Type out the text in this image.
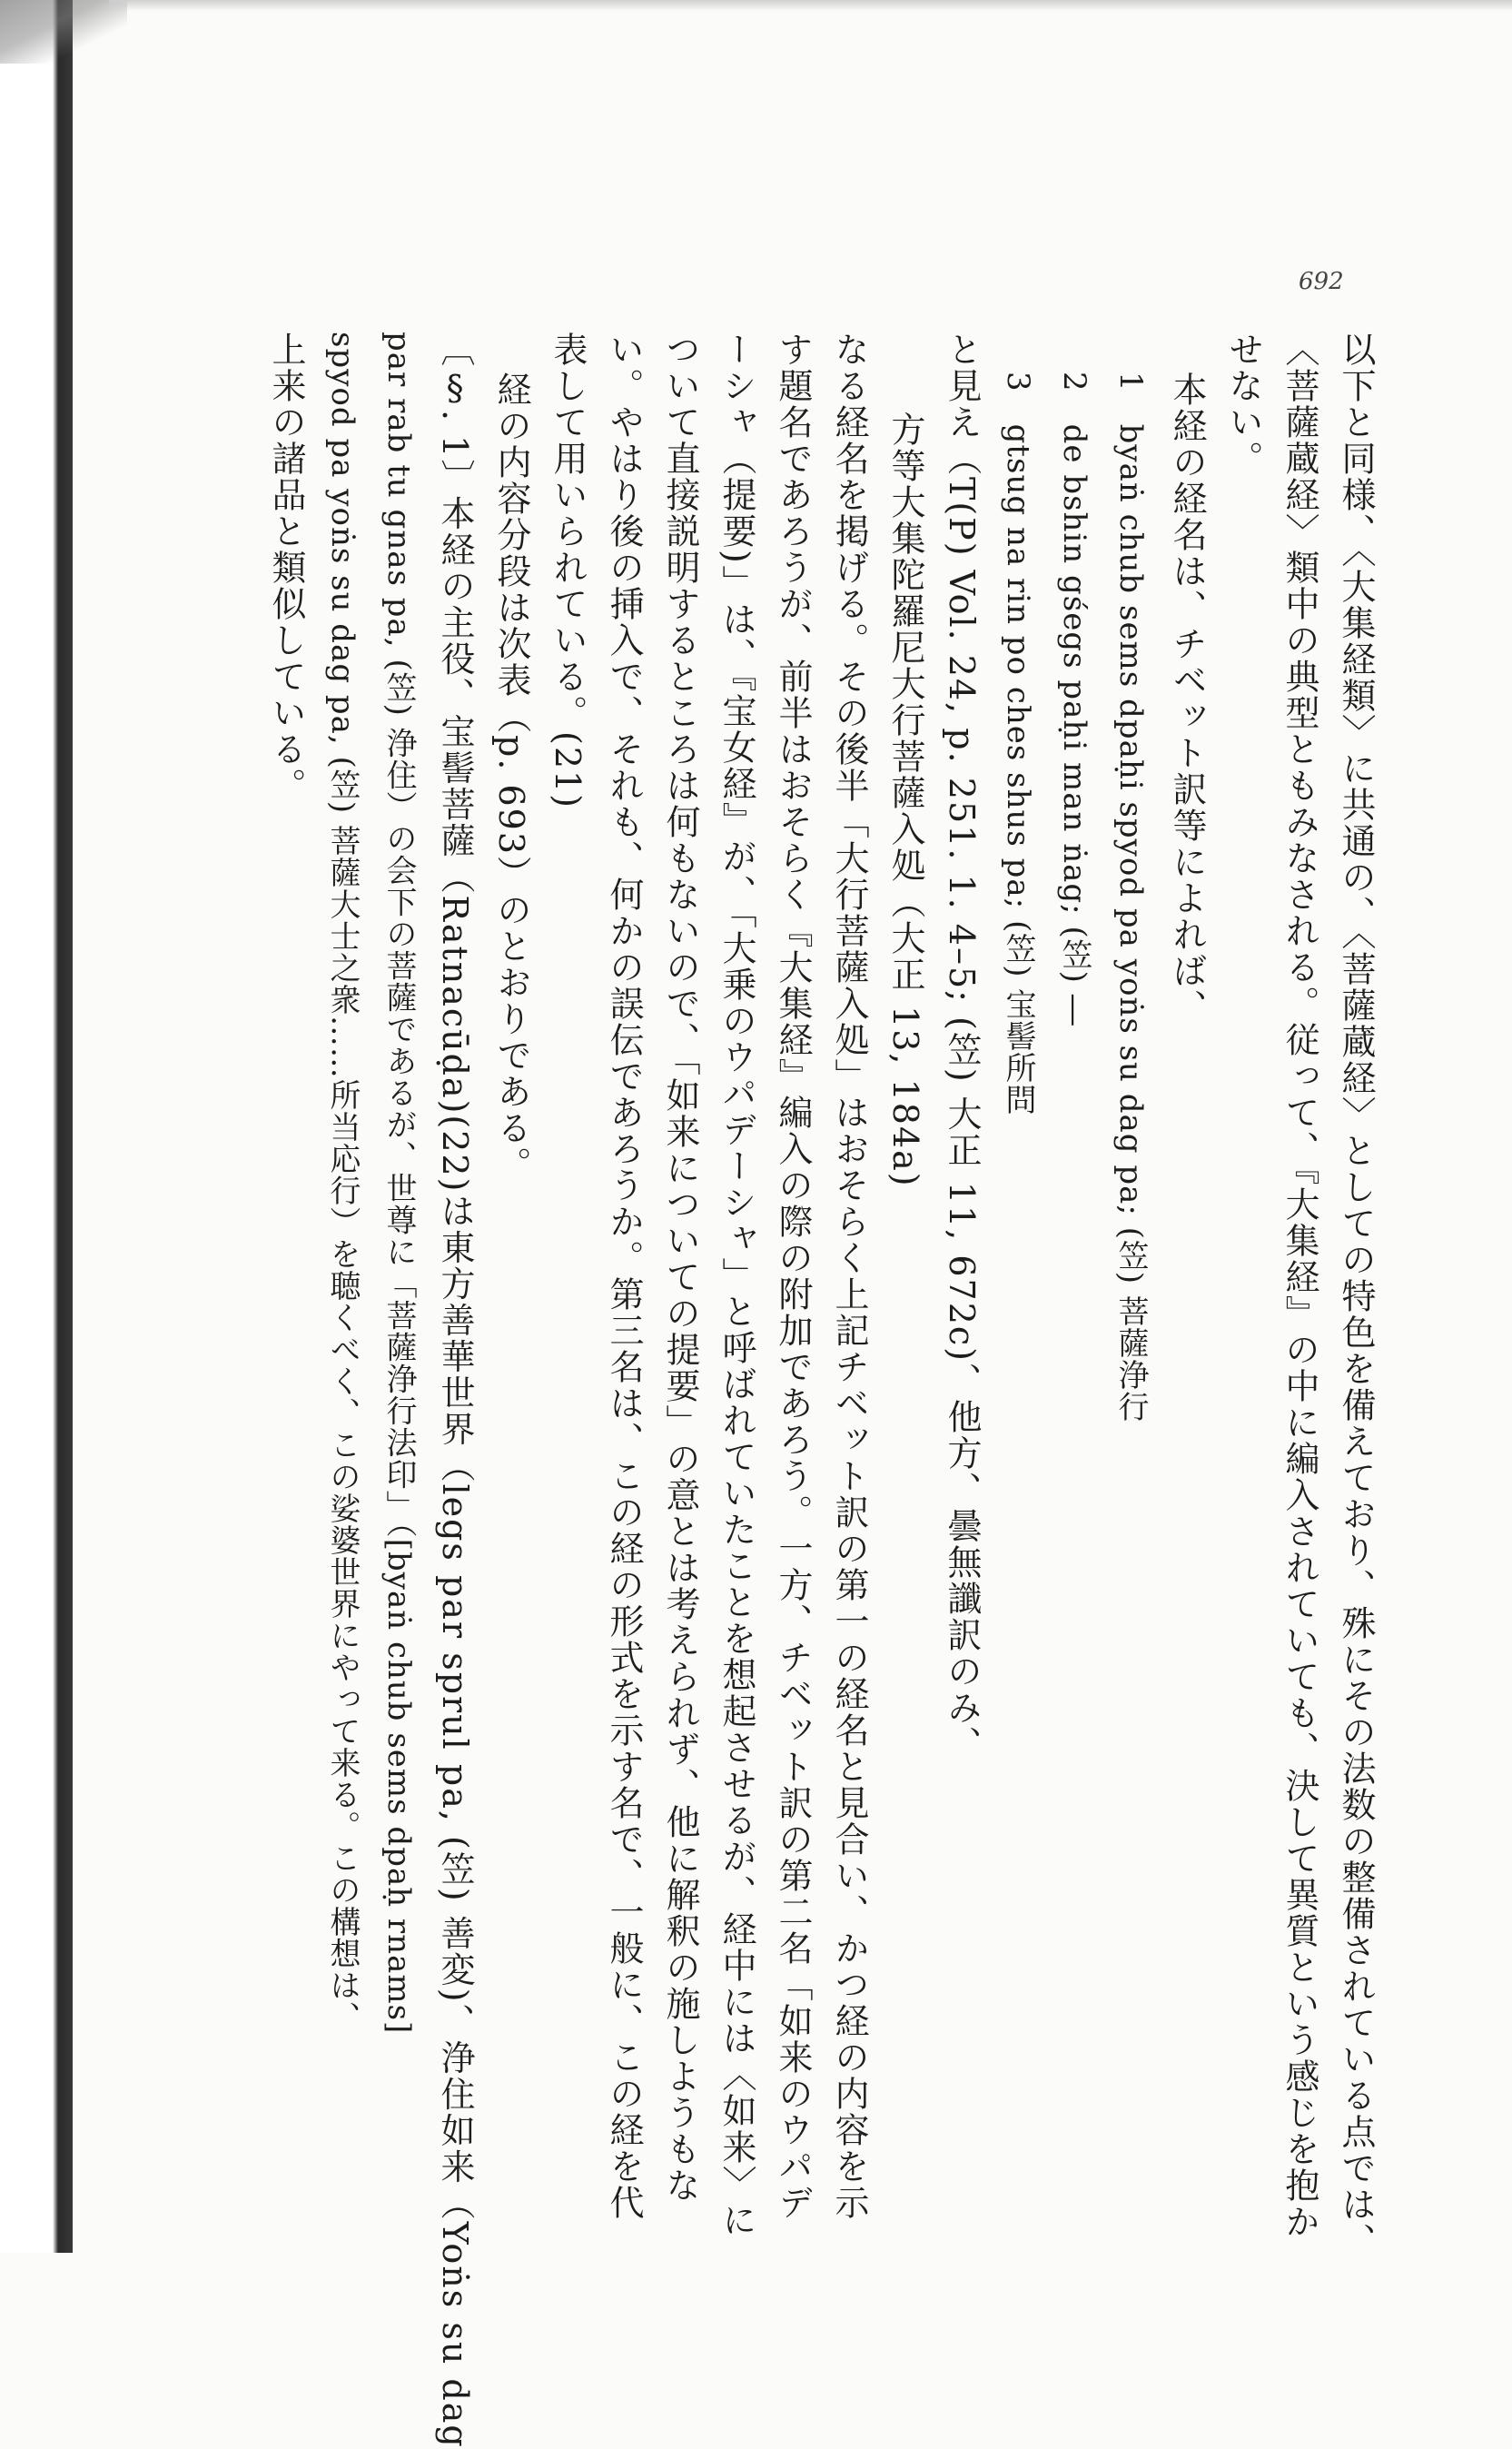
692
以下と同様、〈大集経類〉に共通の、〈菩薩蔵経〉としての特色を備えており、殊にその法数の整備されている点では、
〈菩薩蔵経〉類中の典型ともみなされる。従って、『大集経』の中に編入されていても、決して異質という感じを抱か
せない。
本経の経名は、チベット訳等によれば、
1　byaṅ chub sems dpaḥi spyod pa yoṅs su dag pa; (笠) 菩薩浄行
2　de bshin gśegs paḥi man ṅag; (笠) ―
3　gtsug na rin po ches shus pa; (笠) 宝髻所問
と見え（T(P) Vol. 24, p. 251. 1. 4–5; (笠) 大正 11, 672c)、他方、曇無讖訳のみ、
方等大集陀羅尼大行菩薩入処（大正 13, 184a)
なる経名を掲げる。その後半「大行菩薩入処」はおそらく上記チベット訳の第一の経名と見合い、かつ経の内容を示
す題名であろうが、前半はおそらく『大集経』編入の際の附加であろう。一方、チベット訳の第二名「如来のウパデ
ーシャ（提要)」は、『宝女経』が、「大乗のウパデーシャ」と呼ばれていたことを想起させるが、経中には〈如来〉に
ついて直接説明するところは何もないので、「如来についての提要」の意とは考えられず、他に解釈の施しようもな
い。やはり後の挿入で、それも、何かの誤伝であろうか。第三名は、この経の形式を示す名で、一般に、この経を代
表して用いられている。(21)
経の内容分段は次表（p. 693）のとおりである。
〔§. 1〕本経の主役、宝髻菩薩（Ratnacūḍa)(22)は東方善華世界（legs par sprul pa, (笠) 善変)、浄住如来（Yoṅs su dag
par rab tu gnas pa, (笠) 浄住）の会下の菩薩であるが、世尊に「菩薩浄行法印」（[byaṅ chub sems dpaḥ rnams]
spyod pa yoṅs su dag pa, (笠) 菩薩大士之衆……所当応行）を聴くべく、この娑婆世界にやって来る。この構想は、
上来の諸品と類似している。
